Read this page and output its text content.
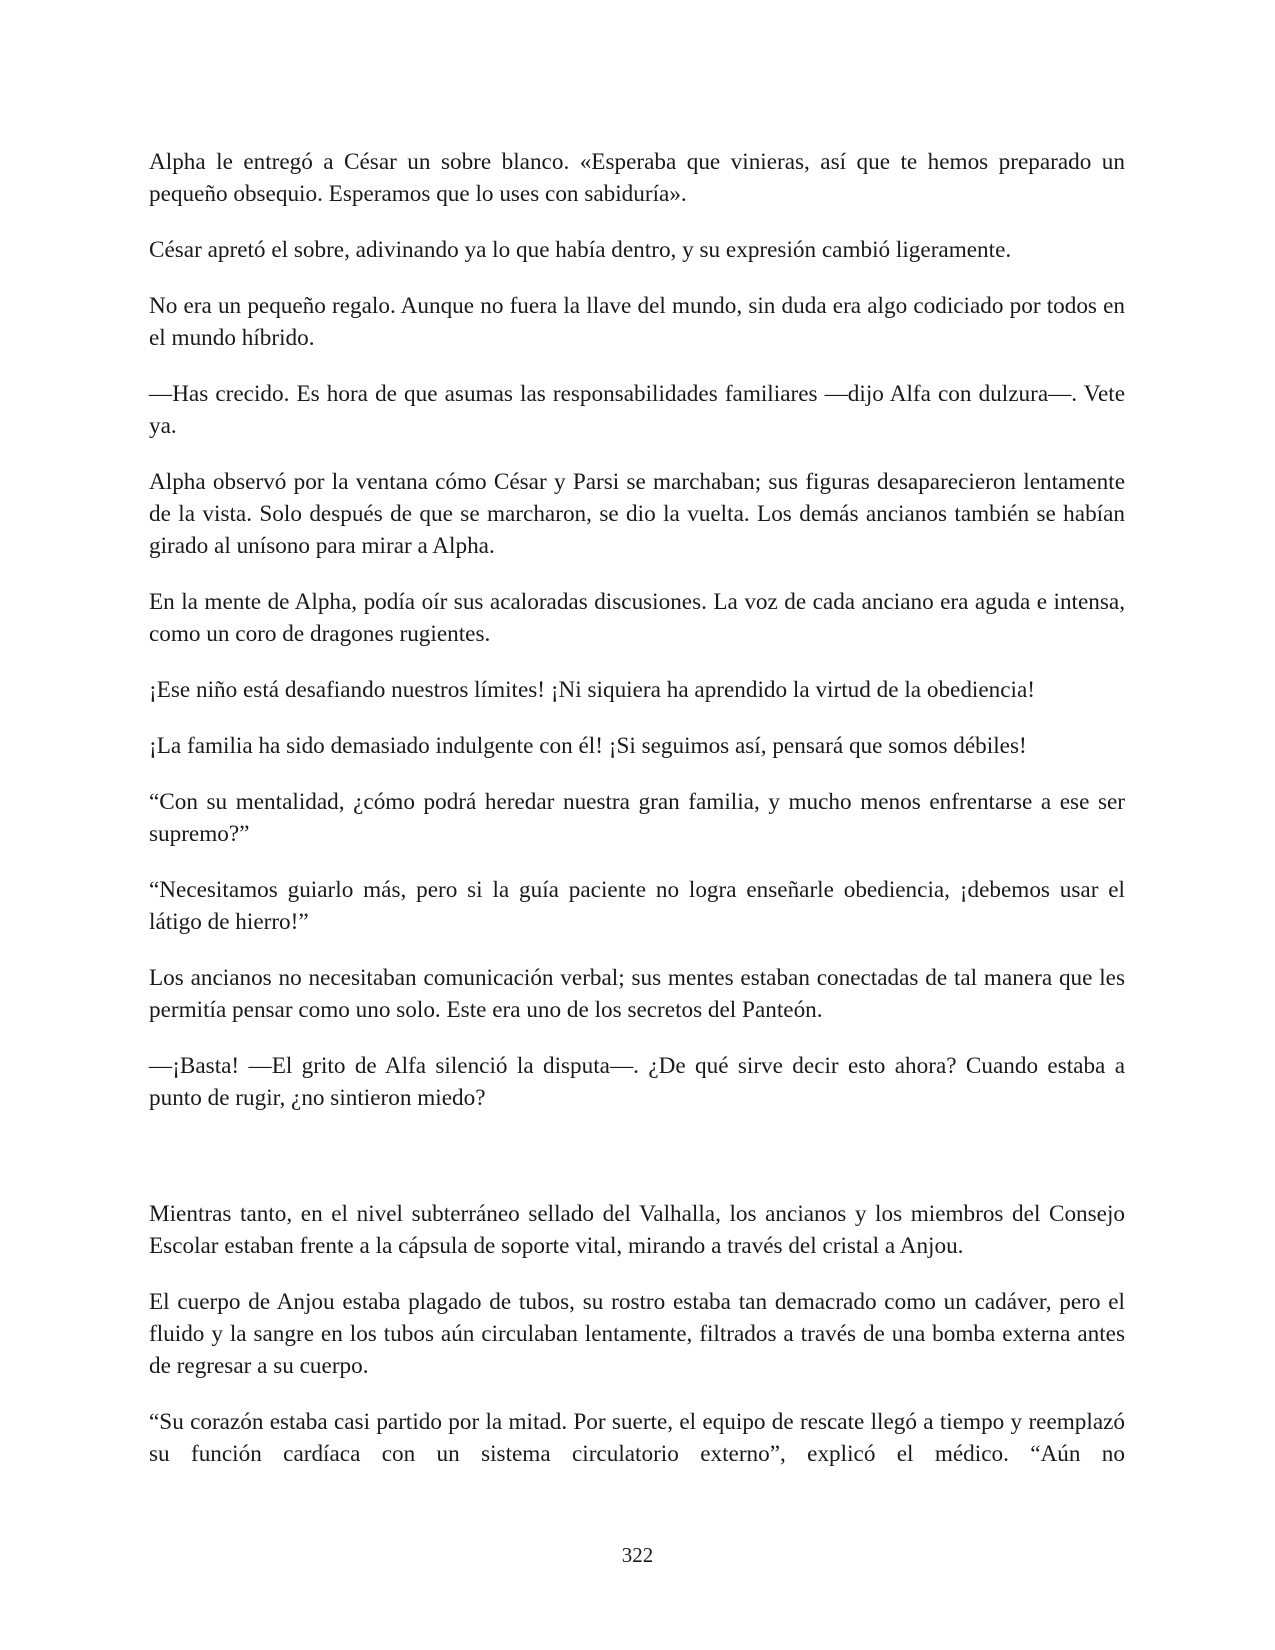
Alpha le entregó a César un sobre blanco. «Esperaba que vinieras, así que te hemos preparado un pequeño obsequio. Esperamos que lo uses con sabiduría».

César apretó el sobre, adivinando ya lo que había dentro, y su expresión cambió ligeramente.

No era un pequeño regalo. Aunque no fuera la llave del mundo, sin duda era algo codiciado por todos en el mundo híbrido.

—Has crecido. Es hora de que asumas las responsabilidades familiares —dijo Alfa con dulzura—. Vete ya.

Alpha observó por la ventana cómo César y Parsi se marchaban; sus figuras desaparecieron lentamente de la vista. Solo después de que se marcharon, se dio la vuelta. Los demás ancianos también se habían girado al unísono para mirar a Alpha.

En la mente de Alpha, podía oír sus acaloradas discusiones. La voz de cada anciano era aguda e intensa, como un coro de dragones rugientes.

¡Ese niño está desafiando nuestros límites! ¡Ni siquiera ha aprendido la virtud de la obediencia!

¡La familia ha sido demasiado indulgente con él! ¡Si seguimos así, pensará que somos débiles!

“Con su mentalidad, ¿cómo podrá heredar nuestra gran familia, y mucho menos enfrentarse a ese ser supremo?”

“Necesitamos guiarlo más, pero si la guía paciente no logra enseñarle obediencia, ¡debemos usar el látigo de hierro!”

Los ancianos no necesitaban comunicación verbal; sus mentes estaban conectadas de tal manera que les permitía pensar como uno solo. Este era uno de los secretos del Panteón.

—¡Basta! —El grito de Alfa silenció la disputa—. ¿De qué sirve decir esto ahora? Cuando estaba a punto de rugir, ¿no sintieron miedo?

Mientras tanto, en el nivel subterráneo sellado del Valhalla, los ancianos y los miembros del Consejo Escolar estaban frente a la cápsula de soporte vital, mirando a través del cristal a Anjou.

El cuerpo de Anjou estaba plagado de tubos, su rostro estaba tan demacrado como un cadáver, pero el fluido y la sangre en los tubos aún circulaban lentamente, filtrados a través de una bomba externa antes de regresar a su cuerpo.

“Su corazón estaba casi partido por la mitad. Por suerte, el equipo de rescate llegó a tiempo y reemplazó su función cardíaca con un sistema circulatorio externo”, explicó el médico. “Aún no

322
